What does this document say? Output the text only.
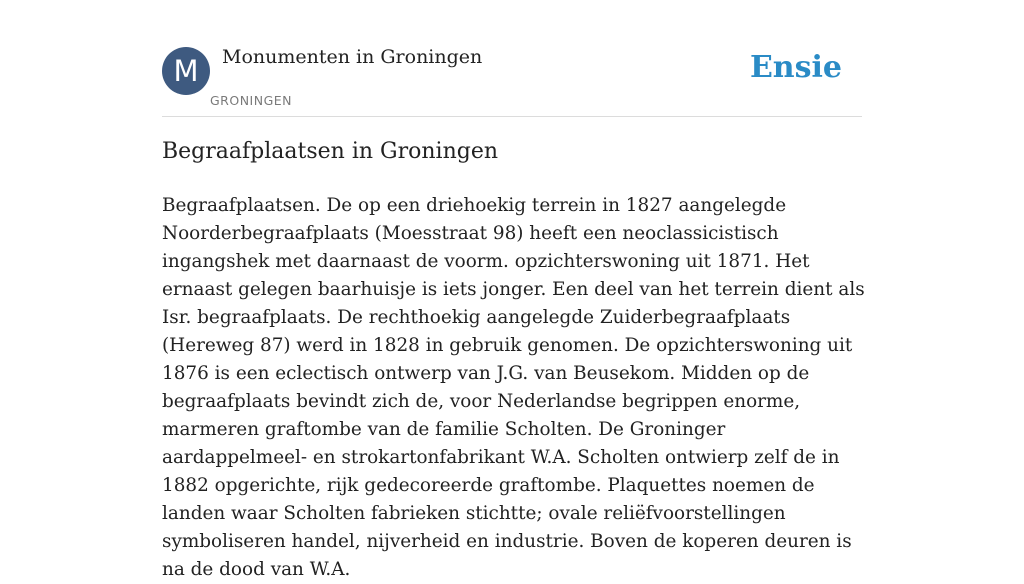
M	Monumenten in Groningen
GRONINGEN
Ensie
Begraafplaatsen in Groningen

Begraafplaatsen. De op een driehoekig terrein in 1827 aangelegde Noorderbegraafplaats (Moesstraat 98) heeft een neoclassicistisch ingangshek met daarnaast de voorm. opzichterswoning uit 1871. Het ernaast gelegen baarhuisje is iets jonger. Een deel van het terrein dient als Isr. begraafplaats. De rechthoekig aangelegde Zuiderbegraafplaats (Hereweg 87) werd in 1828 in gebruik genomen. De opzichterswoning uit 1876 is een eclectisch ontwerp van J.G. van Beusekom. Midden op de begraafplaats bevindt zich de, voor Nederlandse begrippen enorme, marmeren graftombe van de familie Scholten. De Groninger aardappelmeel- en strokartonfabrikant W.A. Scholten ontwierp zelf de in 1882 opgerichte, rijk gedecoreerde graftombe. Plaquettes noemen de landen waar Scholten fabrieken stichtte; ovale reliëfvoorstellingen symboliseren handel, nijverheid en industrie. Boven de koperen deuren is na de dood van W.A.
